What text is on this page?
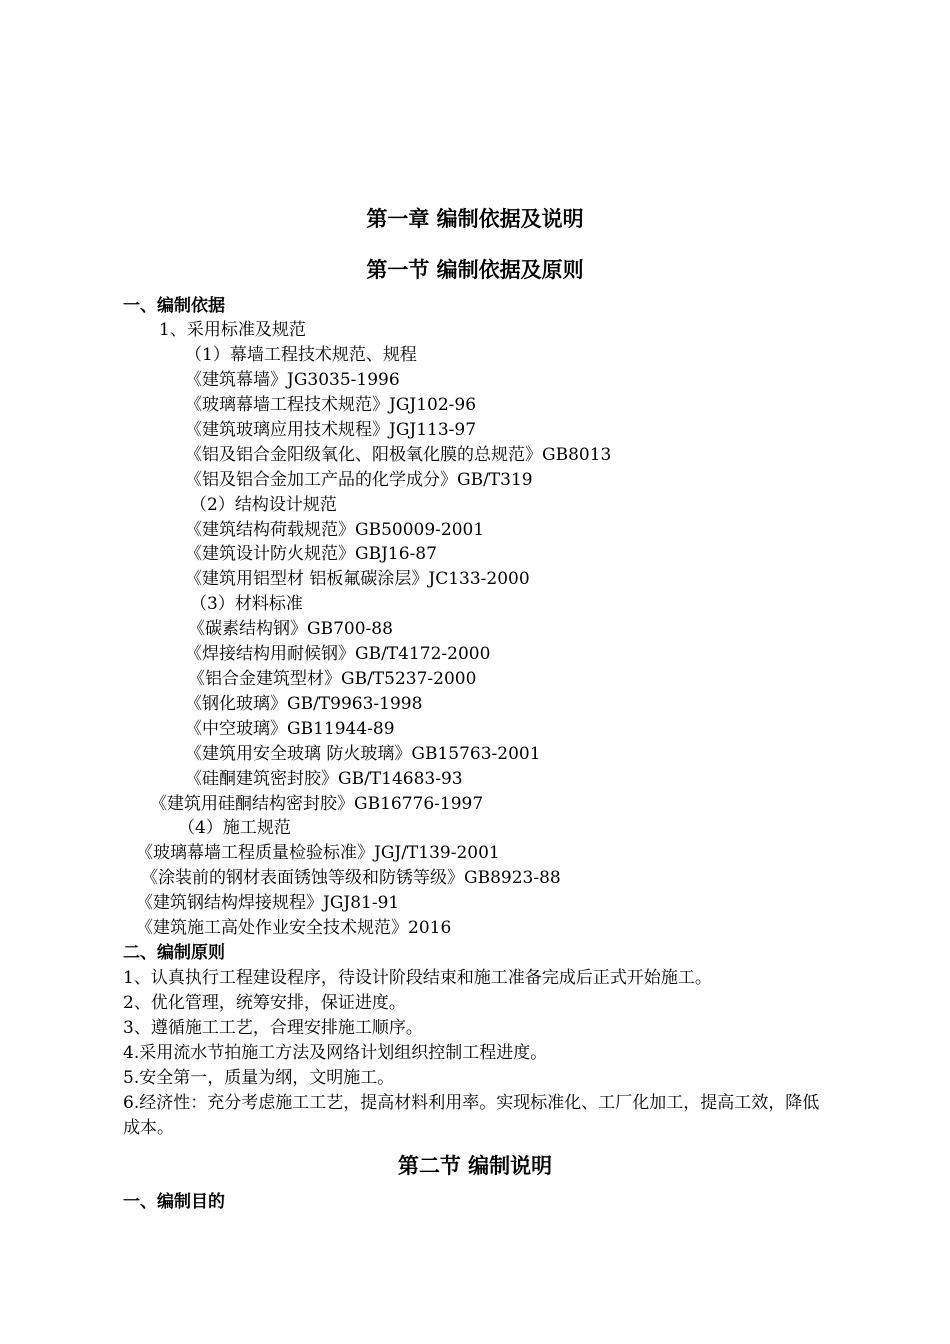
第一章 编制依据及说明
第一节 编制依据及原则
一、编制依据
1、采用标准及规范
（1）幕墙工程技术规范、规程
《建筑幕墙》JG3035-1996
《玻璃幕墙工程技术规范》JGJ102-96
《建筑玻璃应用技术规程》JGJ113-97
《铝及铝合金阳级氧化、阳极氧化膜的总规范》GB8013
《铝及铝合金加工产品的化学成分》GB/T319
（2）结构设计规范
《建筑结构荷载规范》GB50009-2001
《建筑设计防火规范》GBJ16-87
《建筑用铝型材 铝板氟碳涂层》JC133-2000
（3）材料标准
《碳素结构钢》GB700-88
《焊接结构用耐候钢》GB/T4172-2000
《铝合金建筑型材》GB/T5237-2000
《钢化玻璃》GB/T9963-1998
《中空玻璃》GB11944-89
《建筑用安全玻璃 防火玻璃》GB15763-2001
《硅酮建筑密封胶》GB/T14683-93
《建筑用硅酮结构密封胶》GB16776-1997
（4）施工规范
《玻璃幕墙工程质量检验标准》JGJ/T139-2001
《涂装前的钢材表面锈蚀等级和防锈等级》GB8923-88
《建筑钢结构焊接规程》JGJ81-91
《建筑施工高处作业安全技术规范》2016
二、编制原则
1、认真执行工程建设程序，待设计阶段结束和施工准备完成后正式开始施工。
2、优化管理，统筹安排，保证进度。
3、遵循施工工艺，合理安排施工顺序。
4.采用流水节拍施工方法及网络计划组织控制工程进度。
5.安全第一，质量为纲，文明施工。
6.经济性：充分考虑施工工艺，提高材料利用率。实现标准化、工厂化加工，提高工效，降低成本。
第二节 编制说明
一、编制目的
